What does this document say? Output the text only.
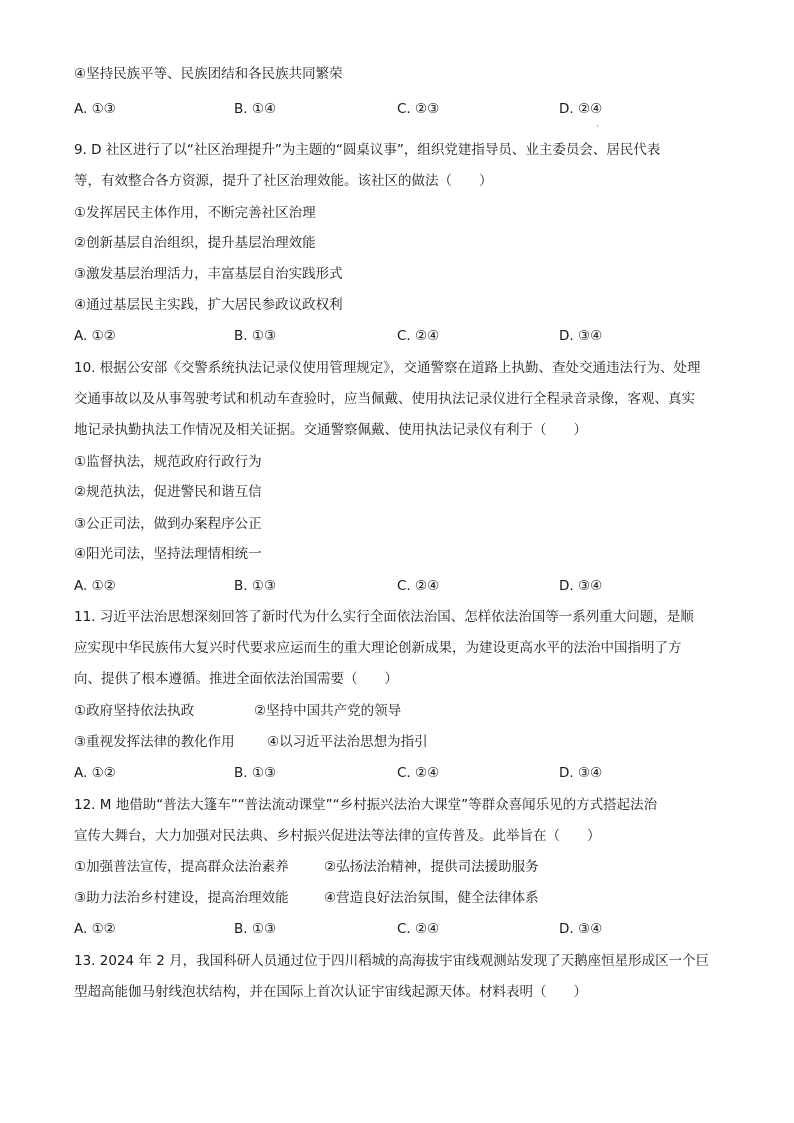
④坚持民族平等、民族团结和各民族共同繁荣
A. ①③	B. ①④	C. ②③	D. ②④
·
9. D 社区进行了以“社区治理提升”为主题的“圆桌议事”，组织党建指导员、业主委员会、居民代表
等，有效整合各方资源，提升了社区治理效能。该社区的做法（　　）
①发挥居民主体作用，不断完善社区治理
②创新基层自治组织，提升基层治理效能
③激发基层治理活力，丰富基层自治实践形式
④通过基层民主实践，扩大居民参政议政权利
A. ①②	B. ①③	C. ②④	D. ③④
10. 根据公安部《交警系统执法记录仪使用管理规定》，交通警察在道路上执勤、查处交通违法行为、处理
交通事故以及从事驾驶考试和机动车查验时，应当佩戴、使用执法记录仪进行全程录音录像，客观、真实
地记录执勤执法工作情况及相关证据。交通警察佩戴、使用执法记录仪有利于（　　）
①监督执法，规范政府行政行为
②规范执法，促进警民和谐互信
③公正司法，做到办案程序公正
④阳光司法，坚持法理情相统一
A. ①②	B. ①③	C. ②④	D. ③④
11. 习近平法治思想深刻回答了新时代为什么实行全面依法治国、怎样依法治国等一系列重大问题，是顺
应实现中华民族伟大复兴时代要求应运而生的重大理论创新成果，为建设更高水平的法治中国指明了方
向、提供了根本遵循。推进全面依法治国需要（　　）
①政府坚持依法执政	②坚持中国共产党的领导
③重视发挥法律的教化作用 ④以习近平法治思想为指引
A. ①②	B. ①③	C. ②④	D. ③④
12. M 地借助“普法大篷车”“普法流动课堂”“乡村振兴法治大课堂”等群众喜闻乐见的方式搭起法治
宣传大舞台，大力加强对民法典、乡村振兴促进法等法律的宣传普及。此举旨在（　　）
①加强普法宣传，提高群众法治素养	②弘扬法治精神，提供司法援助服务
③助力法治乡村建设，提高治理效能	④营造良好法治氛围，健全法律体系
A. ①②	B. ①③	C. ②④	D. ③④
13. 2024 年 2 月，我国科研人员通过位于四川稻城的高海拔宇宙线观测站发现了天鹅座恒星形成区一个巨
型超高能伽马射线泡状结构，并在国际上首次认证宇宙线起源天体。材料表明（　　）
